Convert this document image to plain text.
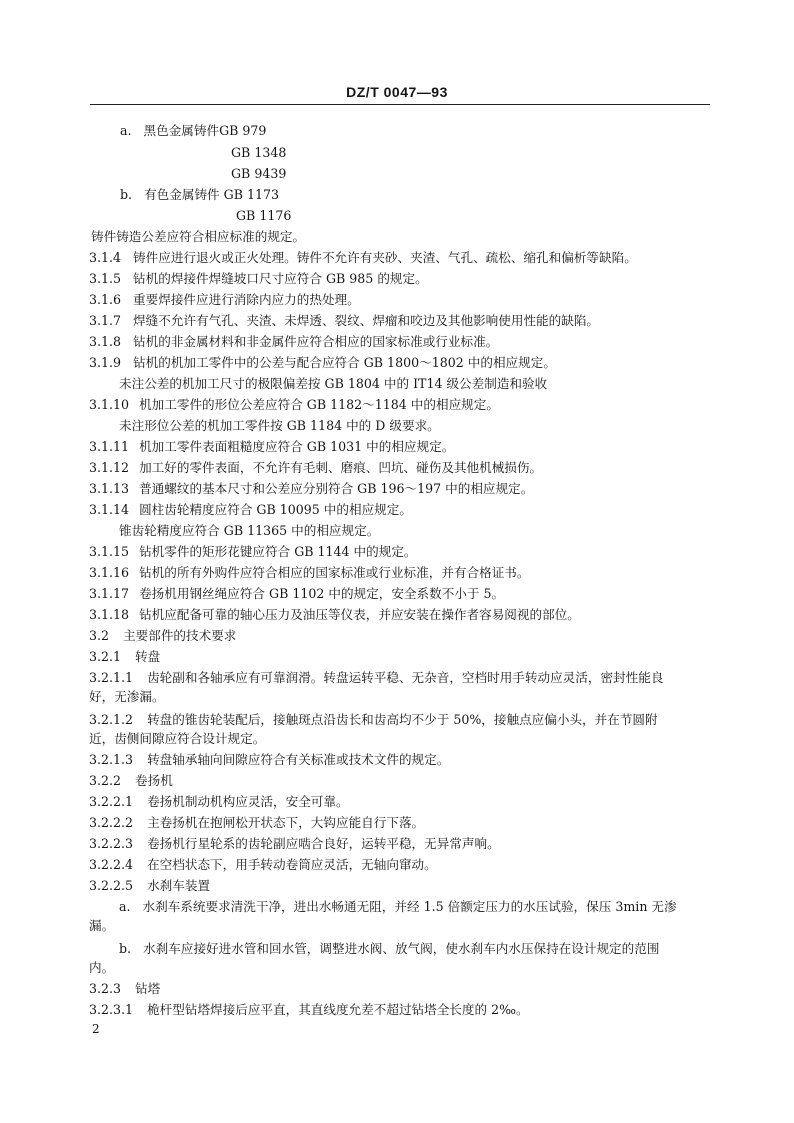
DZ/T 0047—93
a. 黑色金属铸件GB 979
GB 1348
GB 9439
b. 有色金属铸件 GB 1173
GB 1176
铸件铸造公差应符合相应标准的规定。
3.1.4 铸件应进行退火或正火处理。铸件不允许有夹砂、夹渣、气孔、疏松、缩孔和偏析等缺陷。
3.1.5 钻机的焊接件焊缝坡口尺寸应符合 GB 985 的规定。
3.1.6 重要焊接件应进行消除内应力的热处理。
3.1.7 焊缝不允许有气孔、夹渣、未焊透、裂纹、焊瘤和咬边及其他影响使用性能的缺陷。
3.1.8 钻机的非金属材料和非金属件应符合相应的国家标准或行业标准。
3.1.9 钻机的机加工零件中的公差与配合应符合 GB 1800～1802 中的相应规定。
未注公差的机加工尺寸的极限偏差按 GB 1804 中的 IT14 级公差制造和验收
3.1.10 机加工零件的形位公差应符合 GB 1182～1184 中的相应规定。
未注形位公差的机加工零件按 GB 1184 中的 D 级要求。
3.1.11 机加工零件表面粗糙度应符合 GB 1031 中的相应规定。
3.1.12 加工好的零件表面，不允许有毛刺、磨痕、凹坑、碰伤及其他机械损伤。
3.1.13 普通螺纹的基本尺寸和公差应分别符合 GB 196～197 中的相应规定。
3.1.14 圆柱齿轮精度应符合 GB 10095 中的相应规定。
锥齿轮精度应符合 GB 11365 中的相应规定。
3.1.15 钻机零件的矩形花键应符合 GB 1144 中的规定。
3.1.16 钻机的所有外购件应符合相应的国家标准或行业标准，并有合格证书。
3.1.17 卷扬机用钢丝绳应符合 GB 1102 中的规定，安全系数不小于 5。
3.1.18 钻机应配备可靠的轴心压力及油压等仪表，并应安装在操作者容易阅视的部位。
3.2 主要部件的技术要求
3.2.1 转盘
3.2.1.1 齿轮副和各轴承应有可靠润滑。转盘运转平稳、无杂音，空档时用手转动应灵活，密封性能良
好，无渗漏。
3.2.1.2 转盘的锥齿轮装配后，接触斑点沿齿长和齿高均不少于 50%，接触点应偏小头，并在节圆附
近，齿侧间隙应符合设计规定。
3.2.1.3 转盘轴承轴向间隙应符合有关标准或技术文件的规定。
3.2.2 卷扬机
3.2.2.1 卷扬机制动机构应灵活，安全可靠。
3.2.2.2 主卷扬机在抱闸松开状态下，大钩应能自行下落。
3.2.2.3 卷扬机行星轮系的齿轮副应啮合良好，运转平稳，无异常声响。
3.2.2.4 在空档状态下，用手转动卷筒应灵活，无轴向窜动。
3.2.2.5 水刹车装置
a. 水刹车系统要求清洗干净，进出水畅通无阻，并经 1.5 倍额定压力的水压试验，保压 3min 无渗
漏。
b. 水刹车应接好进水管和回水管，调整进水阀、放气阀，使水刹车内水压保持在设计规定的范围
内。
3.2.3 钻塔
3.2.3.1 桅杆型钻塔焊接后应平直，其直线度允差不超过钻塔全长度的 2‰。
2
